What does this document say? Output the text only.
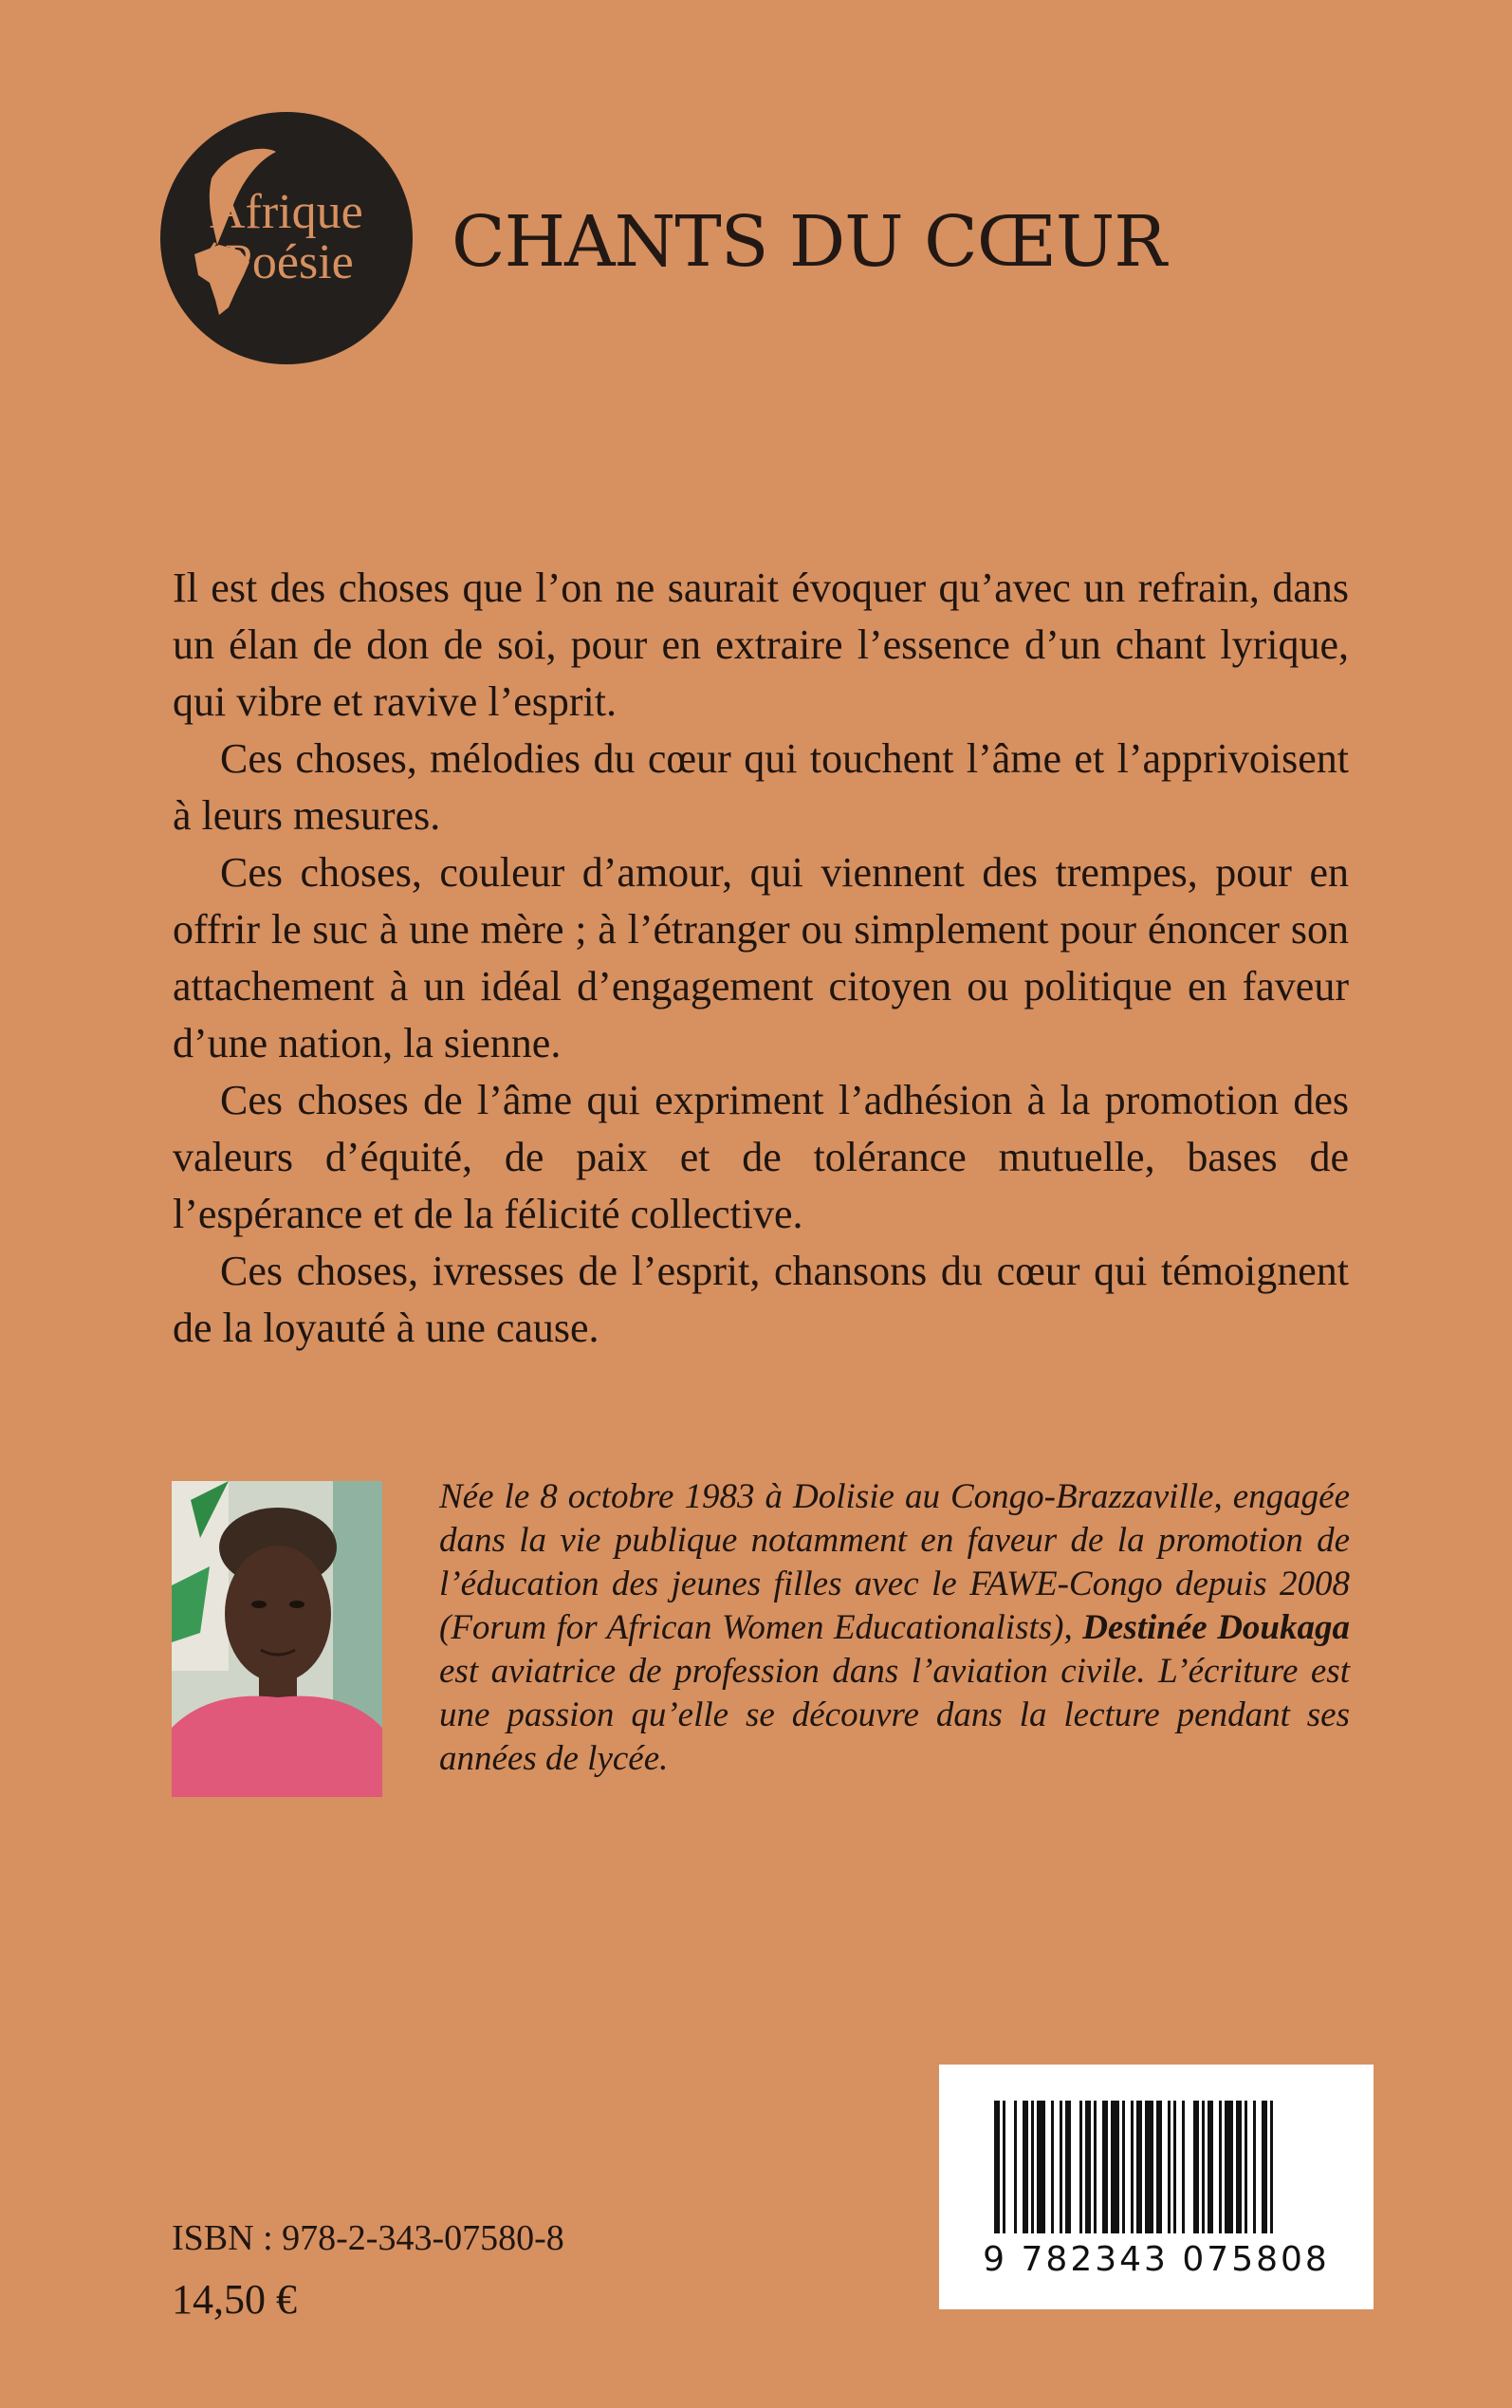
Afrique
Poésie CHANTS DU CŒUR

Il est des choses que l’on ne saurait évoquer qu’avec un refrain, dans un élan de don de soi, pour en extraire l’essence d’un chant lyrique, qui vibre et ravive l’esprit.

Ces choses, mélodies du cœur qui touchent l’âme et l’apprivoisent à leurs mesures.

Ces choses, couleur d’amour, qui viennent des trempes, pour en offrir le suc à une mère ; à l’étranger ou simplement pour énoncer son attachement à un idéal d’engagement citoyen ou politique en faveur d’une nation, la sienne.

Ces choses de l’âme qui expriment l’adhésion à la promotion des valeurs d’équité, de paix et de tolérance mutuelle, bases de l’espérance et de la félicité collective.

Ces choses, ivresses de l’esprit, chansons du cœur qui témoignent de la loyauté à une cause.

Née le 8 octobre 1983 à Dolisie au Congo-Brazzaville, engagée dans la vie publique notamment en faveur de la promotion de l’éducation des jeunes filles avec le FAWE-Congo depuis 2008 (Forum for African Women Educationalists), Destinée Doukaga est aviatrice de profession dans l’aviation civile. L’écriture est une passion qu’elle se découvre dans la lecture pendant ses années de lycée.
ISBN : 978-2-343-07580-8
14,50 €
9 782343 075808
